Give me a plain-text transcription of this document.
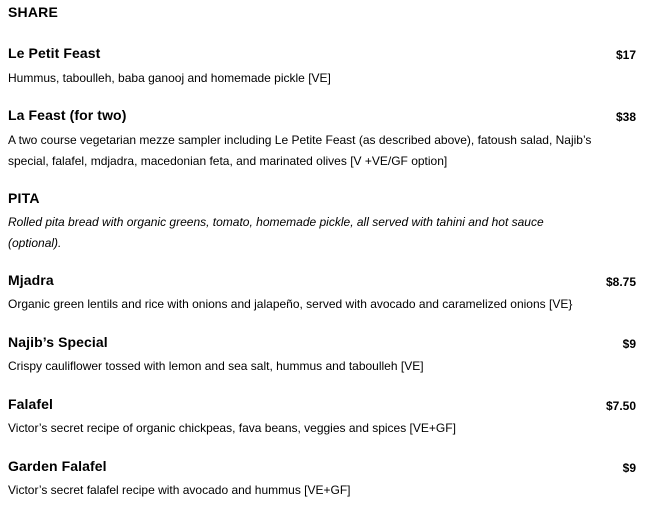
SHARE
Le Petit Feast	$17
Hummus, taboulleh, baba ganooj and homemade pickle [VE]
La Feast (for two)	$38
A two course vegetarian mezze sampler including Le Petite Feast (as described above), fatoush salad, Najib’s
special, falafel, mdjadra, macedonian feta, and marinated olives [V +VE/GF option]
PITA
Rolled pita bread with organic greens, tomato, homemade pickle, all served with tahini and hot sauce
(optional).
Mjadra	$8.75
Organic green lentils and rice with onions and jalapeño, served with avocado and caramelized onions [VE}
Najib’s Special	$9
Crispy cauliflower tossed with lemon and sea salt, hummus and taboulleh [VE]
Falafel	$7.50
Victor’s secret recipe of organic chickpeas, fava beans, veggies and spices [VE+GF]
Garden Falafel	$9
Victor’s secret falafel recipe with avocado and hummus [VE+GF]
